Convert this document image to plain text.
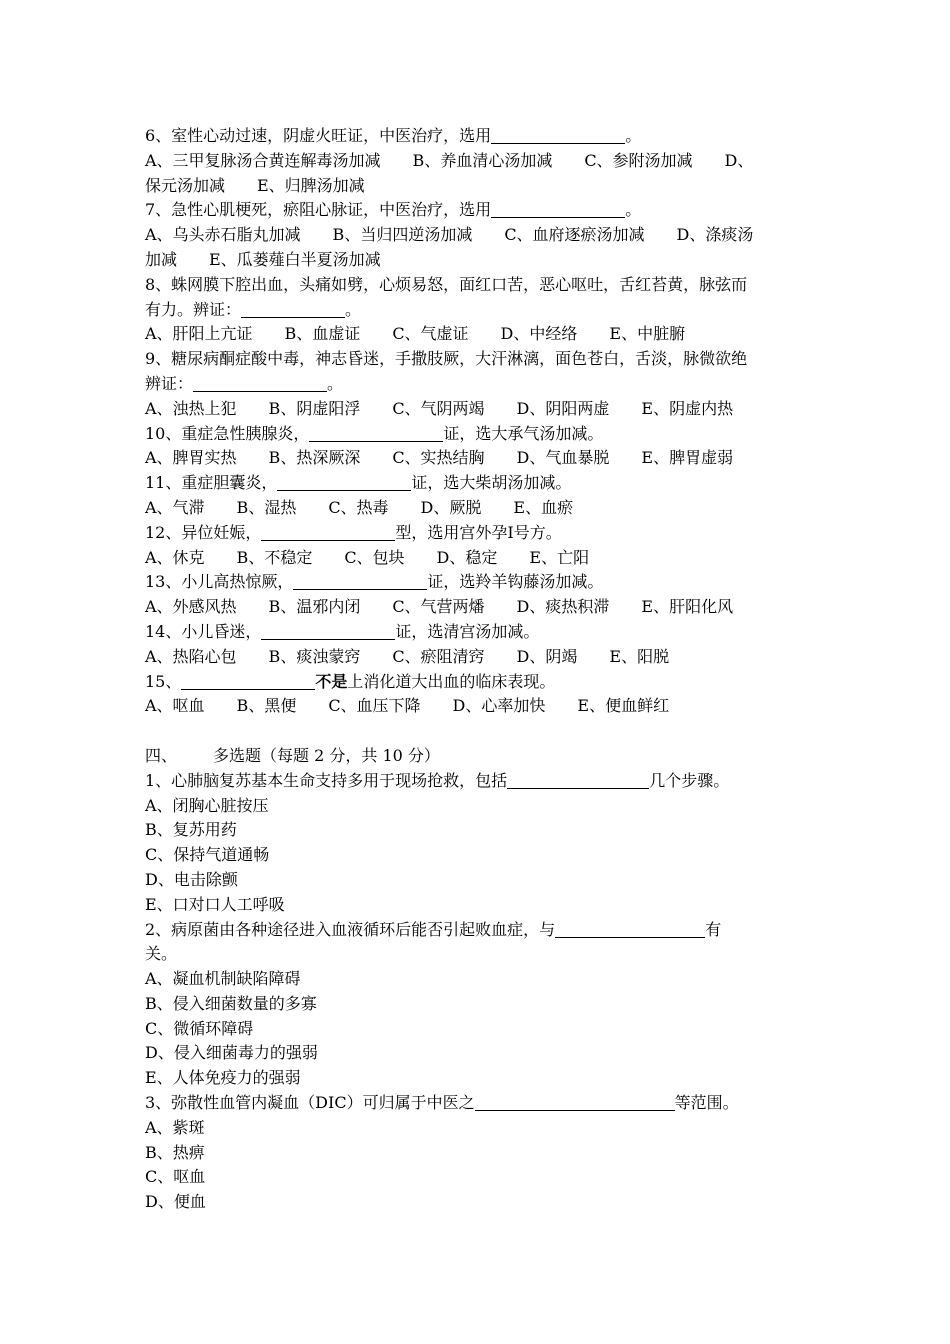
6、室性心动过速，阴虚火旺证，中医治疗，选用	。
A、三甲复脉汤合黄连解毒汤加减　　B、养血清心汤加减　　C、参附汤加减　　D、
保元汤加减　　E、归脾汤加减
7、急性心肌梗死，瘀阻心脉证，中医治疗，选用	。
A、乌头赤石脂丸加减　　B、当归四逆汤加减　　C、血府逐瘀汤加减　　D、涤痰汤
加减　　E、瓜蒌薤白半夏汤加减
8、蛛网膜下腔出血，头痛如劈，心烦易怒，面红口苦，恶心呕吐，舌红苔黄，脉弦而
有力。辨证：	。
A、肝阳上亢证　　B、血虚证　　C、气虚证　　D、中经络　　E、中脏腑
9、糖尿病酮症酸中毒，神志昏迷，手撒肢厥，大汗淋漓，面色苍白，舌淡，脉微欲绝
辨证：	。
A、浊热上犯　　B、阴虚阳浮　　C、气阴两竭　　D、阴阳两虚　　E、阴虚内热
10、重症急性胰腺炎，	证，选大承气汤加减。
A、脾胃实热　　B、热深厥深　　C、实热结胸　　D、气血暴脱　　E、脾胃虚弱
11、重症胆囊炎，	证，选大柴胡汤加减。
A、气滞　　B、湿热　　C、热毒　　D、厥脱　　E、血瘀
12、异位妊娠，	型，选用宫外孕Ⅰ号方。
A、休克　　B、不稳定　　C、包块　　D、稳定　　E、亡阳
13、小儿高热惊厥，	证，选羚羊钩藤汤加减。
A、外感风热　　B、温邪内闭　　C、气营两燔　　D、痰热积滞　　E、肝阳化风
14、小儿昏迷，	证，选清宫汤加减。
A、热陷心包　　B、痰浊蒙窍　　C、瘀阻清窍　　D、阴竭　　E、阳脱
15、	不是上消化道大出血的临床表现。
A、呕血　　B、黑便　　C、血压下降　　D、心率加快　　E、便血鲜红
四、 多选题（每题 2 分，共 10 分）
1、心肺脑复苏基本生命支持多用于现场抢救，包括	几个步骤。
A、闭胸心脏按压
B、复苏用药
C、保持气道通畅
D、电击除颤
E、口对口人工呼吸
2、病原菌由各种途径进入血液循环后能否引起败血症，与	有
关。
A、凝血机制缺陷障碍
B、侵入细菌数量的多寡
C、微循环障碍
D、侵入细菌毒力的强弱
E、人体免疫力的强弱
3、弥散性血管内凝血（DIC）可归属于中医之	等范围。
A、紫斑
B、热痹
C、呕血
D、便血
